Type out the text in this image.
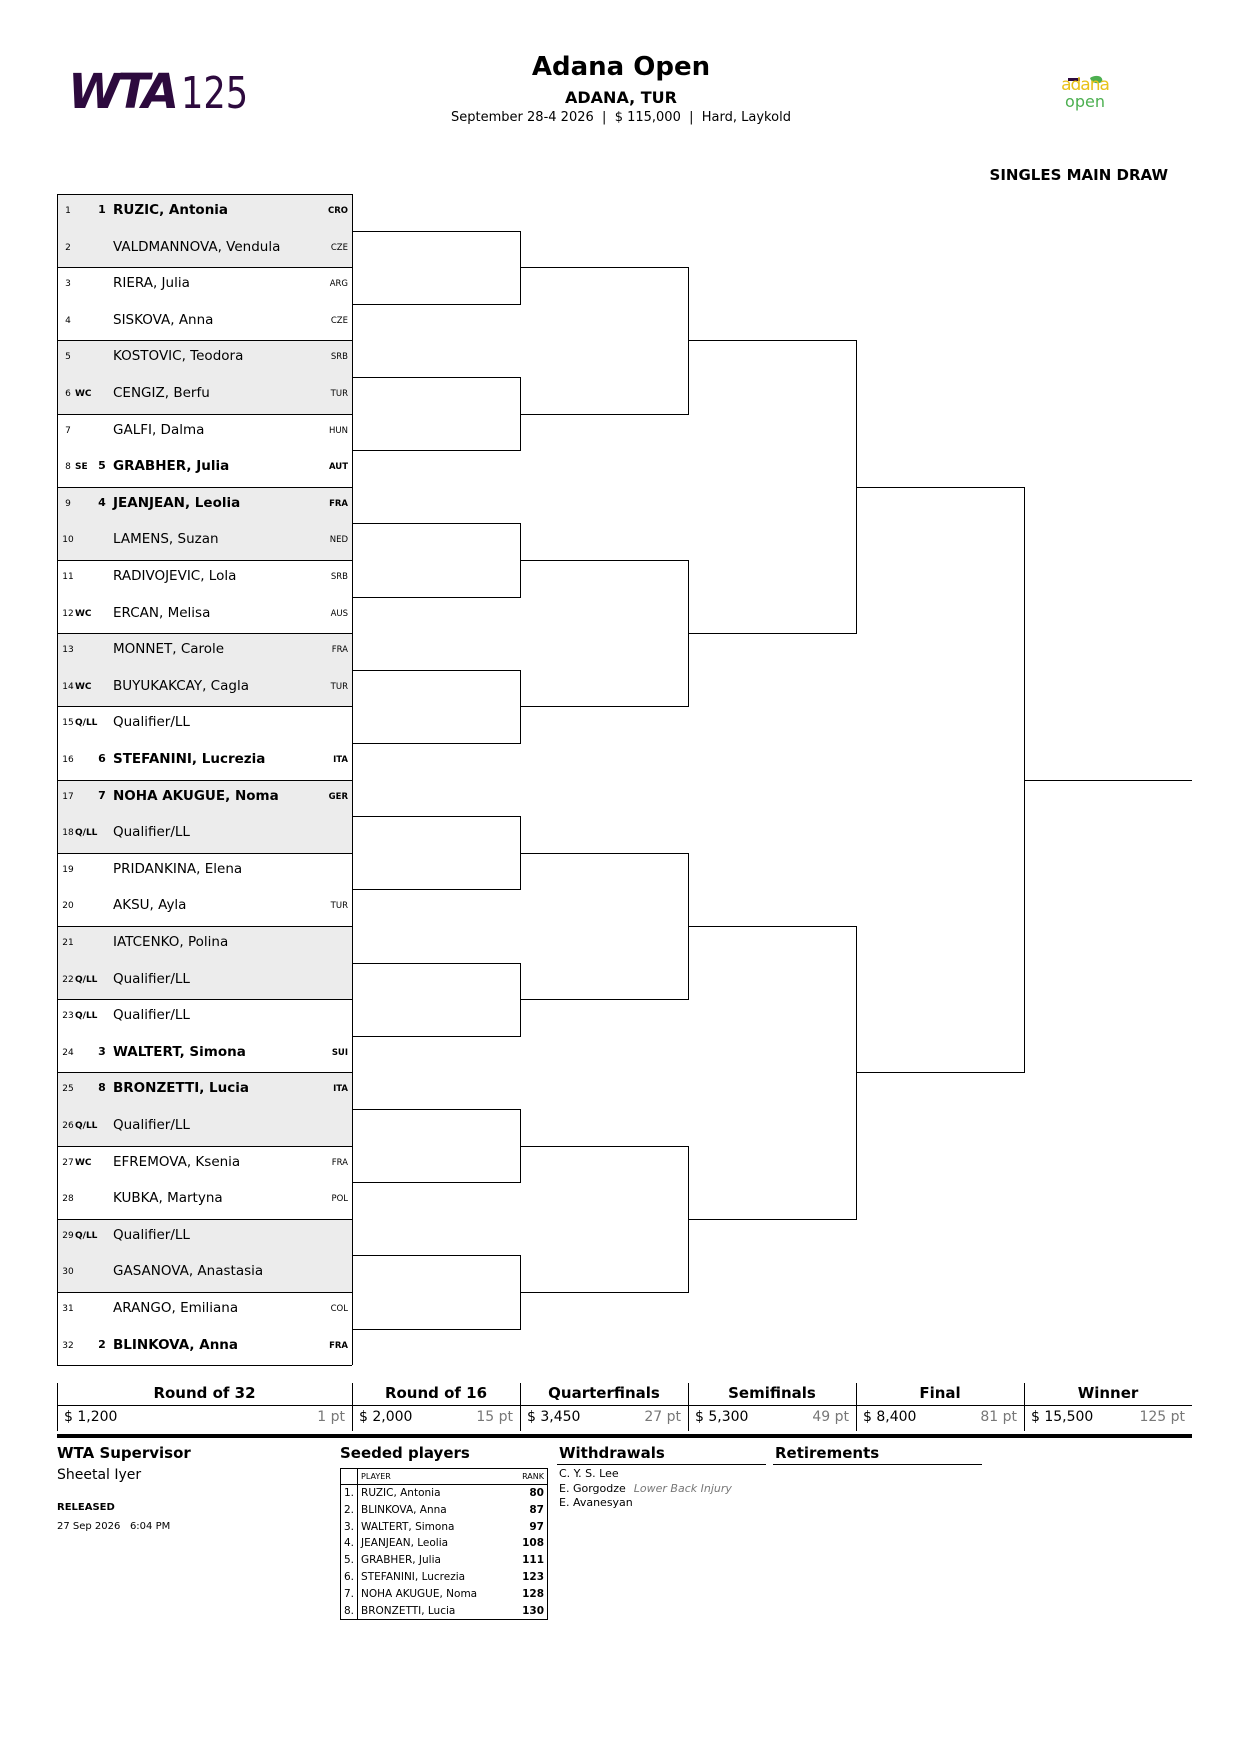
WTA 125
Adana Open
ADANA, TUR
September 28-4 2026  |  $ 115,000  |  Hard, Laykold
adana
open
SINGLES MAIN DRAW
1	1 RUZIC, Antonia	CRO
2	VALDMANNOVA, Vendula	CZE
3	RIERA, Julia	ARG
4	SISKOVA, Anna	CZE
5	KOSTOVIC, Teodora	SRB
6 WC	CENGIZ, Berfu	TUR
7	GALFI, Dalma	HUN
8 SE 5 GRABHER, Julia	AUT
9	4 JEANJEAN, Leolia	FRA
10	LAMENS, Suzan	NED
11	RADIVOJEVIC, Lola	SRB
12 WC	ERCAN, Melisa	AUS
13	MONNET, Carole	FRA
14 WC	BUYUKAKCAY, Cagla	TUR
15 Q/LL Qualifier/LL
16 6 STEFANINI, Lucrezia	ITA
17 7 NOHA AKUGUE, Noma	GER
18 Q/LL Qualifier/LL
19	PRIDANKINA, Elena
20	AKSU, Ayla	TUR
21	IATCENKO, Polina
22 Q/LL Qualifier/LL
23 Q/LL Qualifier/LL
24 3 WALTERT, Simona	SUI
25 8 BRONZETTI, Lucia	ITA
26 Q/LL Qualifier/LL
27 WC	EFREMOVA, Ksenia	FRA
28	KUBKA, Martyna	POL
29 Q/LL Qualifier/LL
30	GASANOVA, Anastasia
31	ARANGO, Emiliana	COL
32 2 BLINKOVA, Anna	FRA
Round of 32
$ 1,200	1 pt
Round of 16
$ 2,000	15 pt
Quarterfinals
$ 3,450	27 pt
Semifinals
$ 5,300	49 pt
Final
$ 8,400	81 pt
Winner
$ 15,500	125 pt
WTA Supervisor
Sheetal Iyer
RELEASED
27 Sep 2026 6:04 PM
Seeded players
	PLAYER	RANK
1.	RUZIC, Antonia	80
2.	BLINKOVA, Anna	87
3.	WALTERT, Simona	97
4.	JEANJEAN, Leolia	108
5.	GRABHER, Julia	111
6.	STEFANINI, Lucrezia	123
7.	NOHA AKUGUE, Noma	128
8.	BRONZETTI, Lucia	130
Withdrawals
C. Y. S. Lee
E. Gorgodze Lower Back Injury
E. Avanesyan
Retirements
